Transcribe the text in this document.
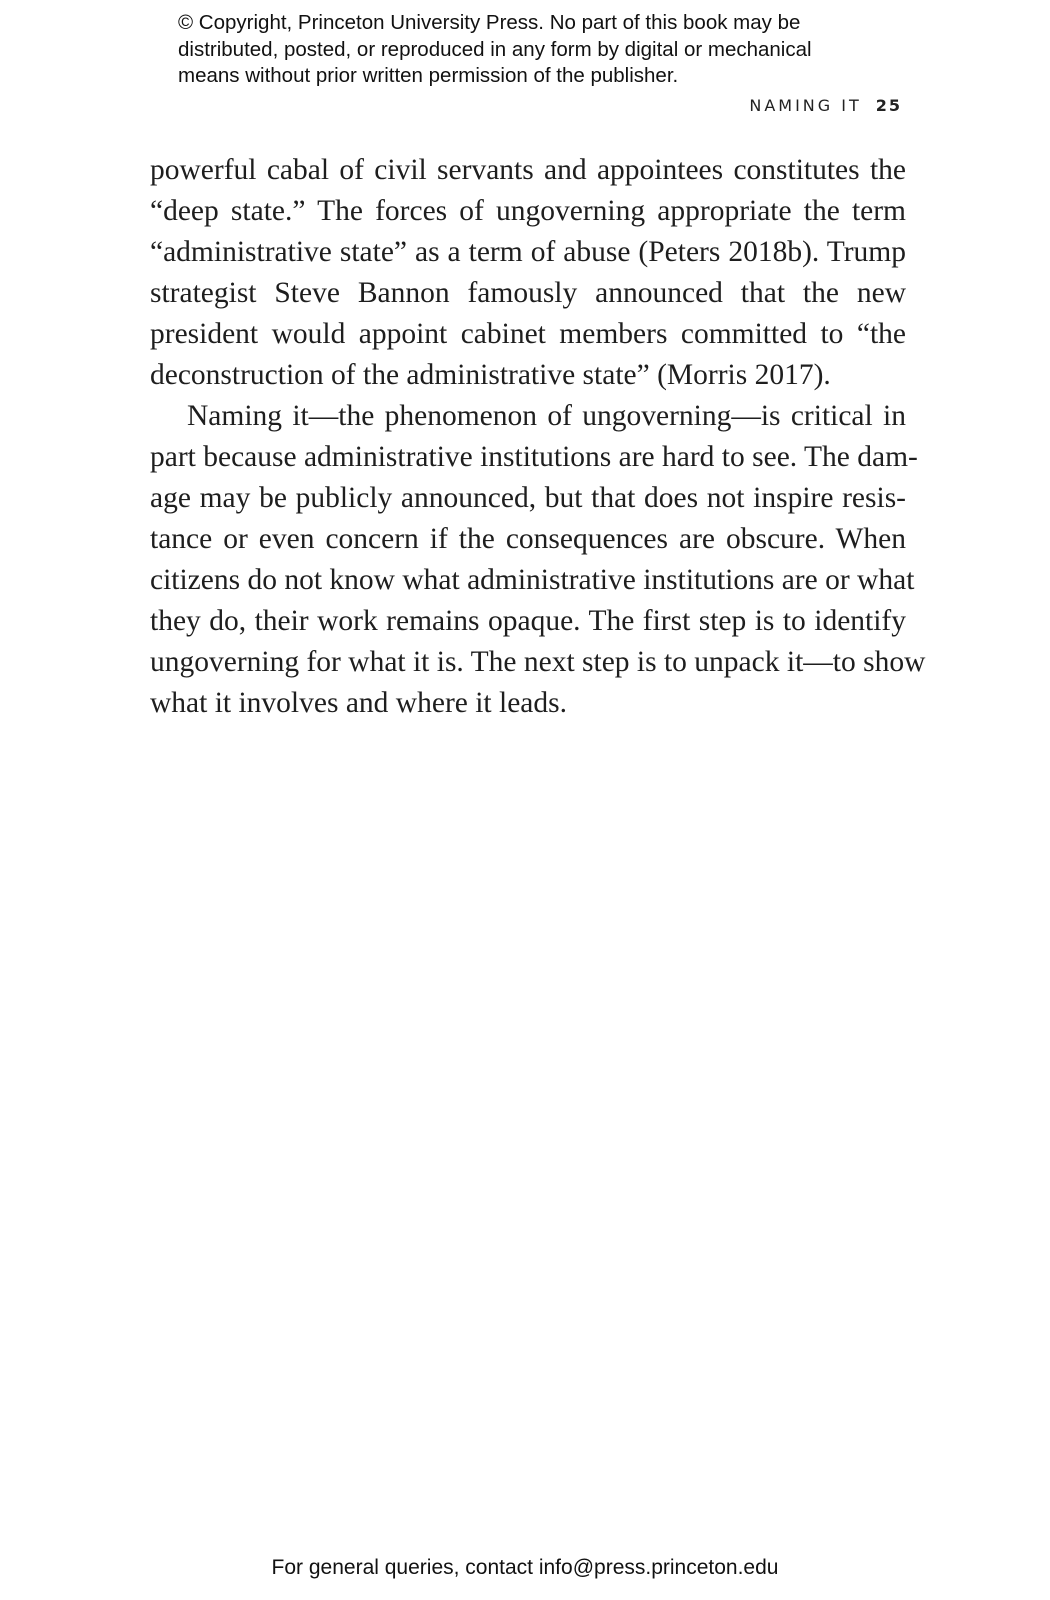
© Copyright, Princeton University Press. No part of this book may be
distributed, posted, or reproduced in any form by digital or mechanical
means without prior written permission of the publisher.
NAMING IT 25
powerful cabal of civil servants and appointees constitutes the
“deep state.” The forces of ungoverning appropriate the term
“administrative state” as a term of abuse (Peters 2018b). Trump
strategist Steve Bannon famously announced that the new
president would appoint cabinet members committed to “the
deconstruction of the administrative state” (Morris 2017).
Naming it—the phenomenon of ungoverning—is critical in
part because administrative institutions are hard to see. The dam-
age may be publicly announced, but that does not inspire resis-
tance or even concern if the consequences are obscure. When
citizens do not know what administrative institutions are or what
they do, their work remains opaque. The first step is to identify
ungoverning for what it is. The next step is to unpack it—to show
what it involves and where it leads.
For general queries, contact info@press.princeton.edu
